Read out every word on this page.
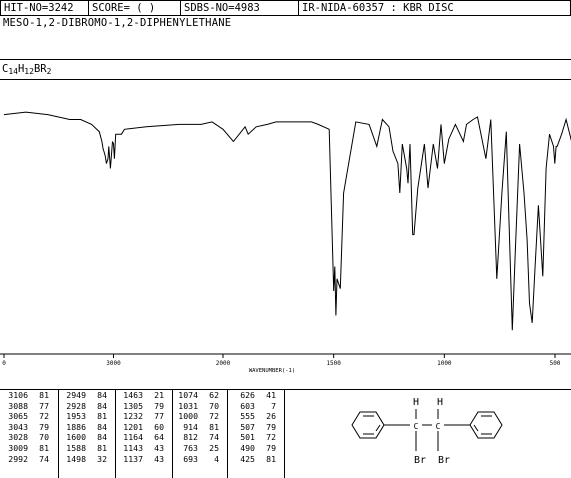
HIT-NO=3242	SCORE= ( )	SDBS-NO=4983	IR-NIDA-60357 : KBR DISC
MESO-1,2-DIBROMO-1,2-DIPHENYLETHANE
$C_{14}H_{12}BR_2$
0	3000	2000	1500	1000	500
WAVENUMBER(-1)
3106	81
3088	77
3065	72
3043	79
3028	70
3009	81
2992	74
2949	84
2928	84
1953	81
1886	84
1600	84
1588	81
1498	32
1463	21
1305	79
1232	77
1201	60
1164	64
1143	43
1137	43
1074	62
1031	70
1000	72
914	81
812	74
763	25
693	4
626	41
603	7
555	26
507	79
501	72
490	79
425	81
H H
C C
Br Br
